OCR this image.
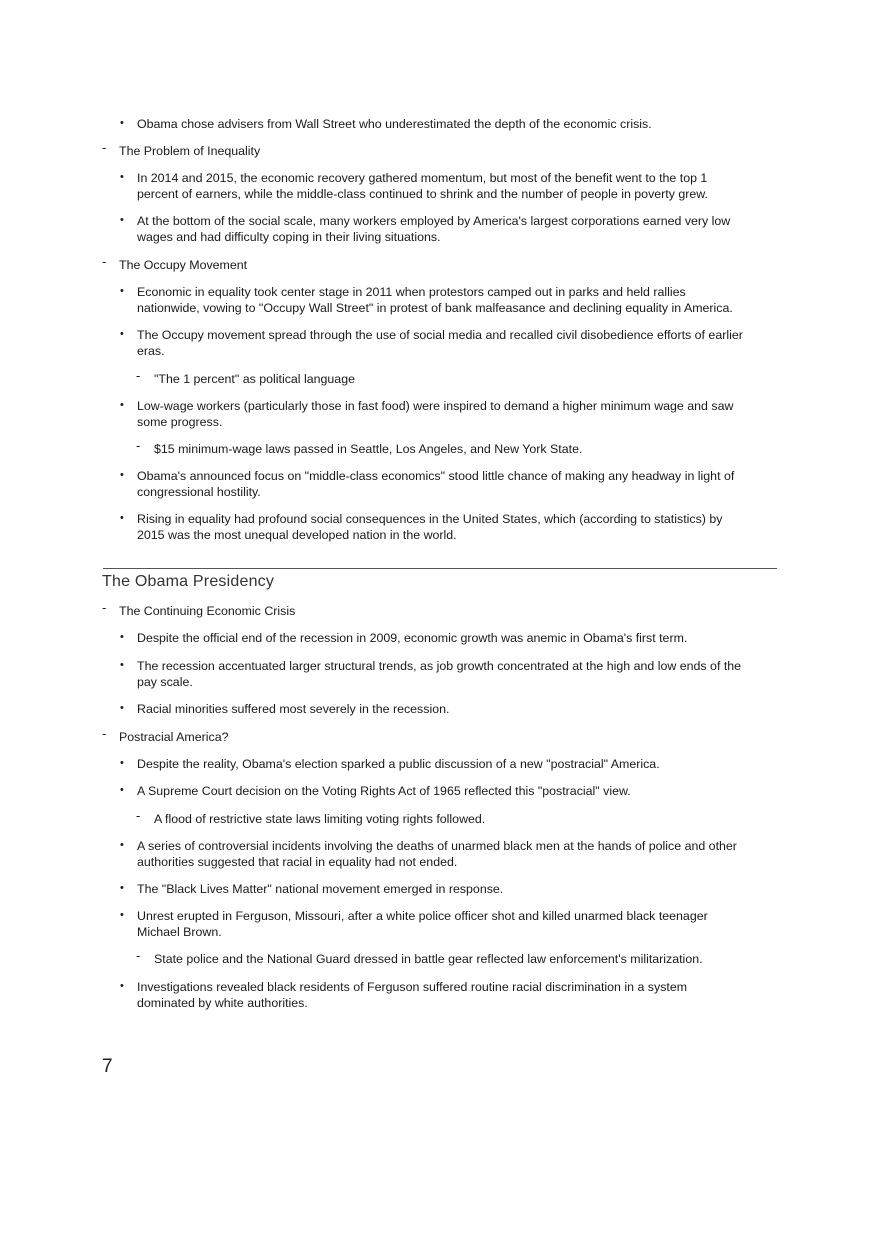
• Obama chose advisers from Wall Street who underestimated the depth of the economic crisis.
- The Problem of Inequality
• In 2014 and 2015, the economic recovery gathered momentum, but most of the benefit went to the top 1
percent of earners, while the middle-class continued to shrink and the number of people in poverty grew.
• At the bottom of the social scale, many workers employed by America's largest corporations earned very low
wages and had difficulty coping in their living situations.
- The Occupy Movement
• Economic in equality took center stage in 2011 when protestors camped out in parks and held rallies
nationwide, vowing to "Occupy Wall Street" in protest of bank malfeasance and declining equality in America.
• The Occupy movement spread through the use of social media and recalled civil disobedience efforts of earlier
eras.
- "The 1 percent" as political language
• Low-wage workers (particularly those in fast food) were inspired to demand a higher minimum wage and saw
some progress.
- $15 minimum-wage laws passed in Seattle, Los Angeles, and New York State.
• Obama's announced focus on "middle-class economics" stood little chance of making any headway in light of
congressional hostility.
• Rising in equality had profound social consequences in the United States, which (according to statistics) by
2015 was the most unequal developed nation in the world.
The Obama Presidency
- The Continuing Economic Crisis
• Despite the official end of the recession in 2009, economic growth was anemic in Obama's first term.
• The recession accentuated larger structural trends, as job growth concentrated at the high and low ends of the
pay scale.
• Racial minorities suffered most severely in the recession.
- Postracial America?
• Despite the reality, Obama's election sparked a public discussion of a new "postracial" America.
• A Supreme Court decision on the Voting Rights Act of 1965 reflected this "postracial" view.
- A flood of restrictive state laws limiting voting rights followed.
• A series of controversial incidents involving the deaths of unarmed black men at the hands of police and other
authorities suggested that racial in equality had not ended.
• The "Black Lives Matter" national movement emerged in response.
• Unrest erupted in Ferguson, Missouri, after a white police officer shot and killed unarmed black teenager
Michael Brown.
- State police and the National Guard dressed in battle gear reflected law enforcement's militarization.
• Investigations revealed black residents of Ferguson suffered routine racial discrimination in a system
dominated by white authorities.
7
